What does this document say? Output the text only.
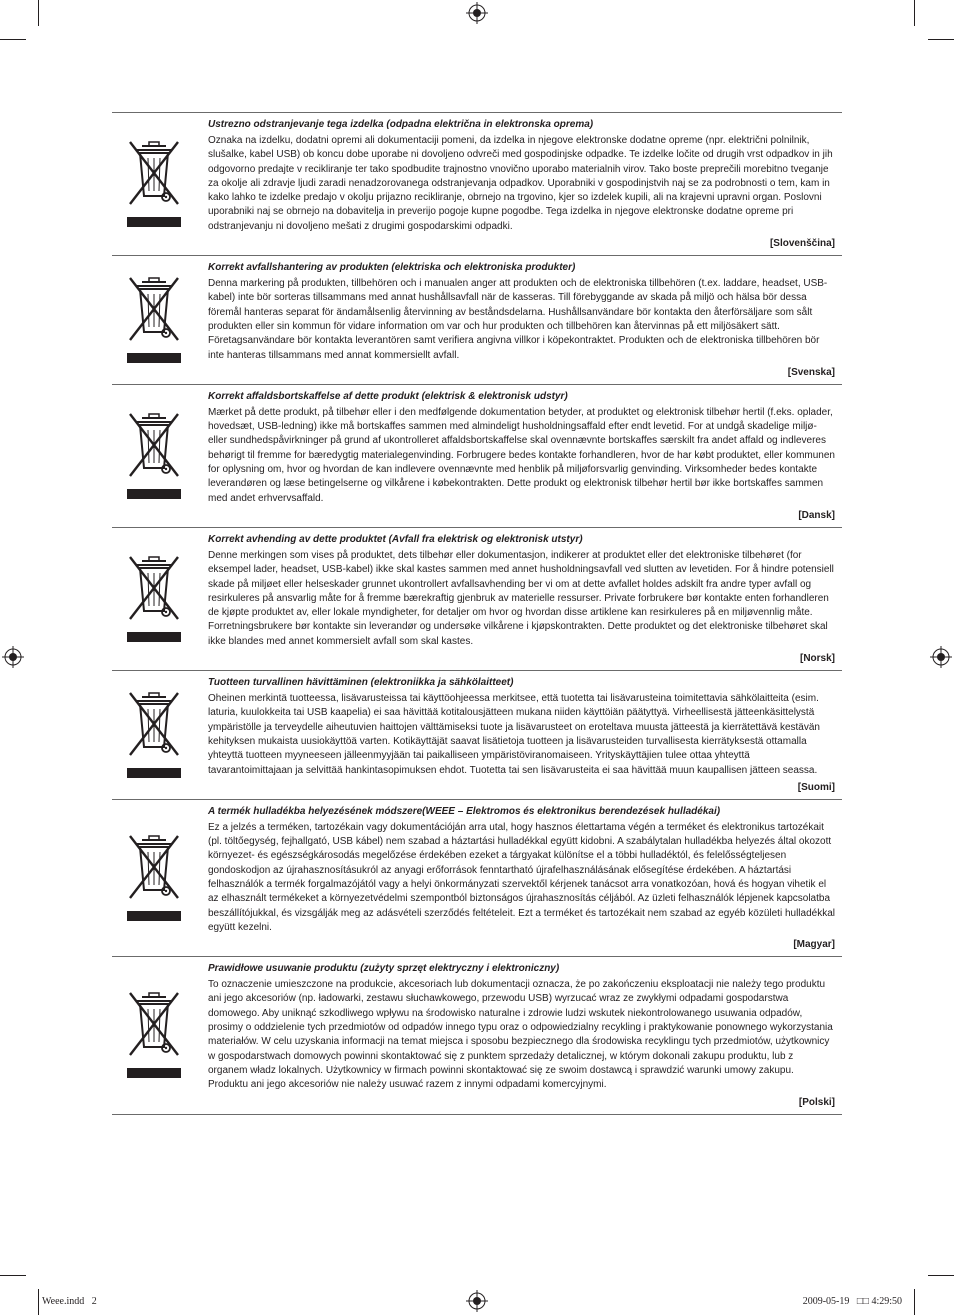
Ustrezno odstranjevanje tega izdelka (odpadna električna in elektronska oprema)

Oznaka na izdelku, dodatni opremi ali dokumentaciji pomeni, da izdelka in njegove elektronske dodatne opreme (npr. električni polnilnik, slušalke, kabel USB) ob koncu dobe uporabe ni dovoljeno odvreči med gospodinjske odpadke. Te izdelke ločite od drugih vrst odpadkov in jih odgovorno predajte v recikliranje ter tako spodbudite trajnostno vnovično uporabo materialnih virov. Tako boste preprečili morebitno tveganje za okolje ali zdravje ljudi zaradi nenadzorovanega odstranjevanja odpadkov. Uporabniki v gospodinjstvih naj se za podrobnosti o tem, kam in kako lahko te izdelke predajo v okolju prijazno recikliranje, obrnejo na trgovino, kjer so izdelek kupili, ali na krajevni upravni organ. Poslovni uporabniki naj se obrnejo na dobavitelja in preverijo pogoje kupne pogodbe. Tega izdelka in njegove elektronske dodatne opreme pri odstranjevanju ni dovoljeno mešati z drugimi gospodarskimi odpadki.

[Slovenščina]

Korrekt avfallshantering av produkten (elektriska och elektroniska produkter)

Denna markering på produkten, tillbehören och i manualen anger att produkten och de elektroniska tillbehören (t.ex. laddare, headset, USB-kabel) inte bör sorteras tillsammans med annat hushållsavfall när de kasseras. Till förebyggande av skada på miljö och hälsa bör dessa föremål hanteras separat för ändamålsenlig återvinning av beståndsdelarna. Hushållsanvändare bör kontakta den återförsäljare som sålt produkten eller sin kommun för vidare information om var och hur produkten och tillbehören kan återvinnas på ett miljösäkert sätt. Företagsanvändare bör kontakta leverantören samt verifiera angivna villkor i köpekontraktet. Produkten och de elektroniska tillbehören bör inte hanteras tillsammans med annat kommersiellt avfall.

[Svenska]

Korrekt affaldsbortskaffelse af dette produkt (elektrisk & elektronisk udstyr)

Mærket på dette produkt, på tilbehør eller i den medfølgende dokumentation betyder, at produktet og elektronisk tilbehør hertil (f.eks. oplader, hovedsæt, USB-ledning) ikke må bortskaffes sammen med almindeligt husholdningsaffald efter endt levetid. For at undgå skadelige miljø- eller sundhedspåvirkninger på grund af ukontrolleret affaldsbortskaffelse skal ovennævnte bortskaffes særskilt fra andet affald og indleveres behørigt til fremme for bæredygtig materialegenvinding. Forbrugere bedes kontakte forhandleren, hvor de har købt produktet, eller kommunen for oplysning om, hvor og hvordan de kan indlevere ovennævnte med henblik på miljøforsvarlig genvinding. Virksomheder bedes kontakte leverandøren og læse betingelserne og vilkårene i købekontrakten. Dette produkt og elektronisk tilbehør hertil bør ikke bortskaffes sammen med andet erhvervsaffald.

[Dansk]

Korrekt avhending av dette produktet (Avfall fra elektrisk og elektronisk utstyr)

Denne merkingen som vises på produktet, dets tilbehør eller dokumentasjon, indikerer at produktet eller det elektroniske tilbehøret (for eksempel lader, headset, USB-kabel) ikke skal kastes sammen med annet husholdningsavfall ved slutten av levetiden. For å hindre potensiell skade på miljøet eller helseskader grunnet ukontrollert avfallsavhending ber vi om at dette avfallet holdes adskilt fra andre typer avfall og resirkuleres på ansvarlig måte for å fremme bærekraftig gjenbruk av materielle ressurser. Private forbrukere bør kontakte enten forhandleren de kjøpte produktet av, eller lokale myndigheter, for detaljer om hvor og hvordan disse artiklene kan resirkuleres på en miljøvennlig måte. Forretningsbrukere bør kontakte sin leverandør og undersøke vilkårene i kjøpskontrakten. Dette produktet og det elektroniske tilbehøret skal ikke blandes med annet kommersielt avfall som skal kastes.

[Norsk]

Tuotteen turvallinen hävittäminen (elektroniikka ja sähkölaitteet)

Oheinen merkintä tuotteessa, lisävarusteissa tai käyttöohjeessa merkitsee, että tuotetta tai lisävarusteina toimitettavia sähkölaitteita (esim. laturia, kuulokkeita tai USB kaapelia) ei saa hävittää kotitalousjätteen mukana niiden käyttöiän päätyttyä. Virheellisestä jätteenkäsittelystä ympäristölle ja terveydelle aiheutuvien haittojen välttämiseksi tuote ja lisävarusteet on eroteltava muusta jätteestä ja kierrätettävä kestävän kehityksen mukaista uusiokäyttöä varten. Kotikäyttäjät saavat lisätietoja tuotteen ja lisävarusteiden turvallisesta kierrätyksestä ottamalla yhteyttä tuotteen myyneeseen jälleenmyyjään tai paikalliseen ympäristöviranomaiseen. Yrityskäyttäjien tulee ottaa yhteyttä tavarantoimittajaan ja selvittää hankintasopimuksen ehdot. Tuotetta tai sen lisävarusteita ei saa hävittää muun kaupallisen jätteen seassa.

[Suomi]

A termék hulladékba helyezésének módszere(WEEE – Elektromos és elektronikus berendezések hulladékai)

Ez a jelzés a terméken, tartozékain vagy dokumentációján arra utal, hogy hasznos élettartama végén a terméket és elektronikus tartozékait (pl. töltőegység, fejhallgató, USB kábel) nem szabad a háztartási hulladékkal együtt kidobni. A szabálytalan hulladékba helyezés által okozott környezet- és egészségkárosodás megelőzése érdekében ezeket a tárgyakat különítse el a többi hulladéktól, és felelősségteljesen gondoskodjon az újrahasznosításukról az anyagi erőforrások fenntartható újrafelhasználásának elősegítése érdekében. A háztartási felhasználók a termék forgalmazójától vagy a helyi önkormányzati szervektől kérjenek tanácsot arra vonatkozóan, hová és hogyan vihetik el az elhasznált termékeket a környezetvédelmi szempontból biztonságos újrahasznosítás céljából. Az üzleti felhasználók lépjenek kapcsolatba beszállítójukkal, és vizsgálják meg az adásvételi szerződés feltételeit. Ezt a terméket és tartozékait nem szabad az egyéb közületi hulladékkal együtt kezelni.

[Magyar]

Prawidłowe usuwanie produktu (zużyty sprzęt elektryczny i elektroniczny)

To oznaczenie umieszczone na produkcie, akcesoriach lub dokumentacji oznacza, że po zakończeniu eksploatacji nie należy tego produktu ani jego akcesoriów (np. ładowarki, zestawu słuchawkowego, przewodu USB) wyrzucać wraz ze zwykłymi odpadami gospodarstwa domowego. Aby uniknąć szkodliwego wpływu na środowisko naturalne i zdrowie ludzi wskutek niekontrolowanego usuwania odpadów, prosimy o oddzielenie tych przedmiotów od odpadów innego typu oraz o odpowiedzialny recykling i praktykowanie ponownego wykorzystania materiałów. W celu uzyskania informacji na temat miejsca i sposobu bezpiecznego dla środowiska recyklingu tych przedmiotów, użytkownicy w gospodarstwach domowych powinni skontaktować się z punktem sprzedaży detalicznej, w którym dokonali zakupu produktu, lub z organem władz lokalnych. Użytkownicy w firmach powinni skontaktować się ze swoim dostawcą i sprawdzić warunki umowy zakupu. Produktu ani jego akcesoriów nie należy usuwać razem z innymi odpadami komercyjnymi.

[Polski]
Weee.indd   2	2009-05-19   □□ 4:29:50
